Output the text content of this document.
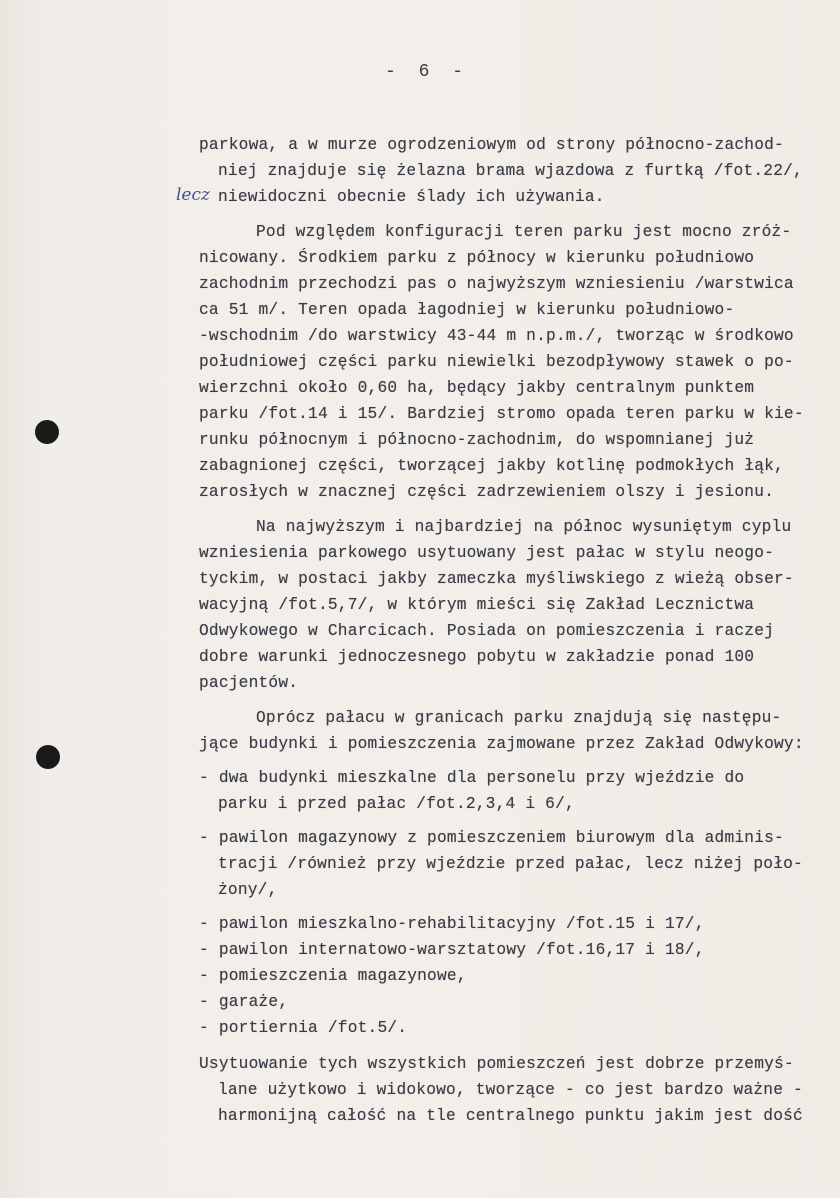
- 6 -
lecz
parkowa, a w murze ogrodzeniowym od strony północno-zachod-
niej znajduje się żelazna brama wjazdowa z furtką /fot.22/,
niewidoczni obecnie ślady ich używania.
Pod względem konfiguracji teren parku jest mocno zróż-
nicowany. Środkiem parku z północy w kierunku południowo
zachodnim przechodzi pas o najwyższym wzniesieniu /warstwica
ca 51 m/. Teren opada łagodniej w kierunku południowo-
-wschodnim /do warstwicy 43-44 m n.p.m./, tworząc w środkowo
południowej części parku niewielki bezodpływowy stawek o po-
wierzchni około 0,60 ha, będący jakby centralnym punktem
parku /fot.14 i 15/. Bardziej stromo opada teren parku w kie-
runku północnym i północno-zachodnim, do wspomnianej już
zabagnionej części, tworzącej jakby kotlinę podmokłych łąk,
zarosłych w znacznej części zadrzewieniem olszy i jesionu.
Na najwyższym i najbardziej na północ wysuniętym cyplu
wzniesienia parkowego usytuowany jest pałac w stylu neogo-
tyckim, w postaci jakby zameczka myśliwskiego z wieżą obser-
wacyjną /fot.5,7/, w którym mieści się Zakład Lecznictwa
Odwykowego w Charcicach. Posiada on pomieszczenia i raczej
dobre warunki jednoczesnego pobytu w zakładzie ponad 100
pacjentów.
Oprócz pałacu w granicach parku znajdują się następu-
jące budynki i pomieszczenia zajmowane przez Zakład Odwykowy:
- dwa budynki mieszkalne dla personelu przy wjeździe do
parku i przed pałac /fot.2,3,4 i 6/,
- pawilon magazynowy z pomieszczeniem biurowym dla adminis-
tracji /również przy wjeździe przed pałac, lecz niżej poło-
żony/,
- pawilon mieszkalno-rehabilitacyjny /fot.15 i 17/,
- pawilon internatowo-warsztatowy /fot.16,17 i 18/,
- pomieszczenia magazynowe,
- garaże,
- portiernia /fot.5/.
Usytuowanie tych wszystkich pomieszczeń jest dobrze przemyś-
lane użytkowo i widokowo, tworzące - co jest bardzo ważne -
harmonijną całość na tle centralnego punktu jakim jest dość
